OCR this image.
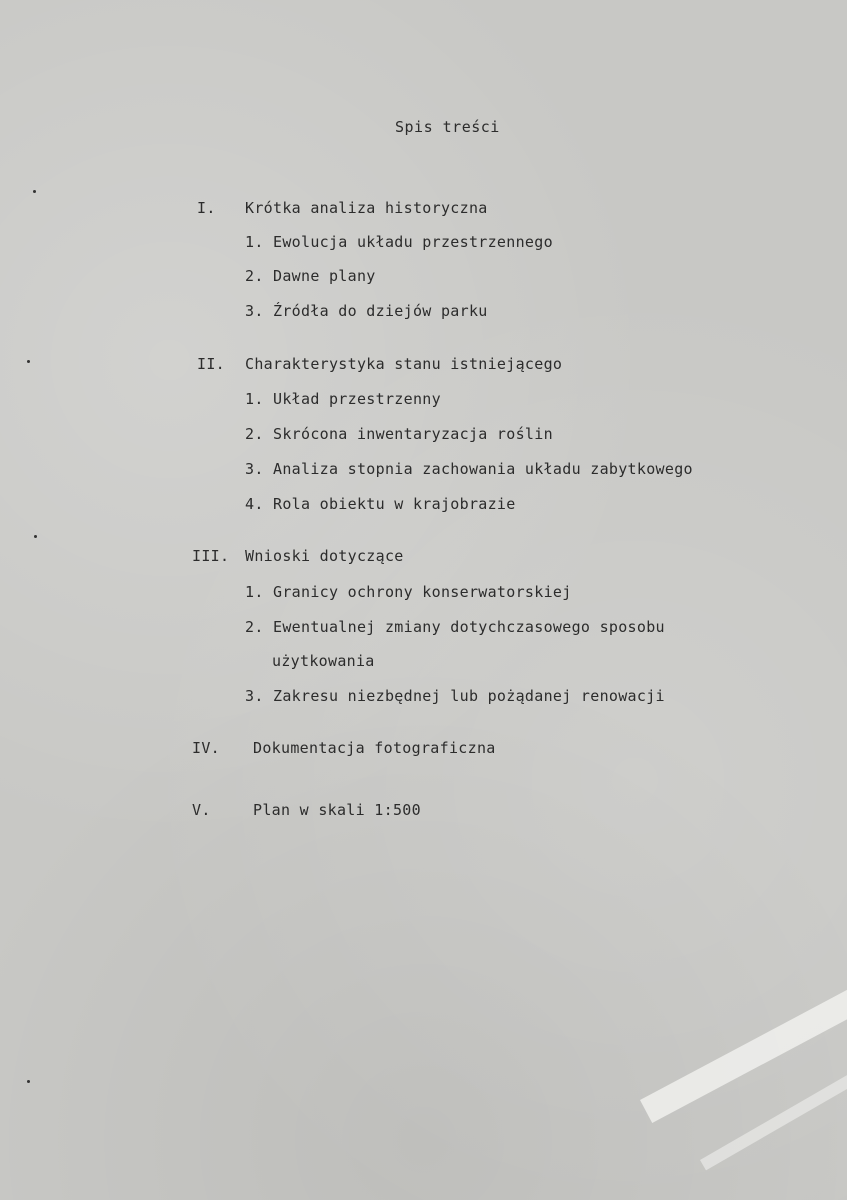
Spis treści
I. Krótka analiza historyczna
1. Ewolucja układu przestrzennego
2. Dawne plany
3. Źródła do dziejów parku
II. Charakterystyka stanu istniejącego
1. Układ przestrzenny
2. Skrócona inwentaryzacja roślin
3. Analiza stopnia zachowania układu zabytkowego
4. Rola obiektu w krajobrazie
III. Wnioski dotyczące
1. Granicy ochrony konserwatorskiej
2. Ewentualnej zmiany dotychczasowego sposobu
użytkowania
3. Zakresu niezbędnej lub pożądanej renowacji
IV. Dokumentacja fotograficzna
V.	Plan w skali 1:500
